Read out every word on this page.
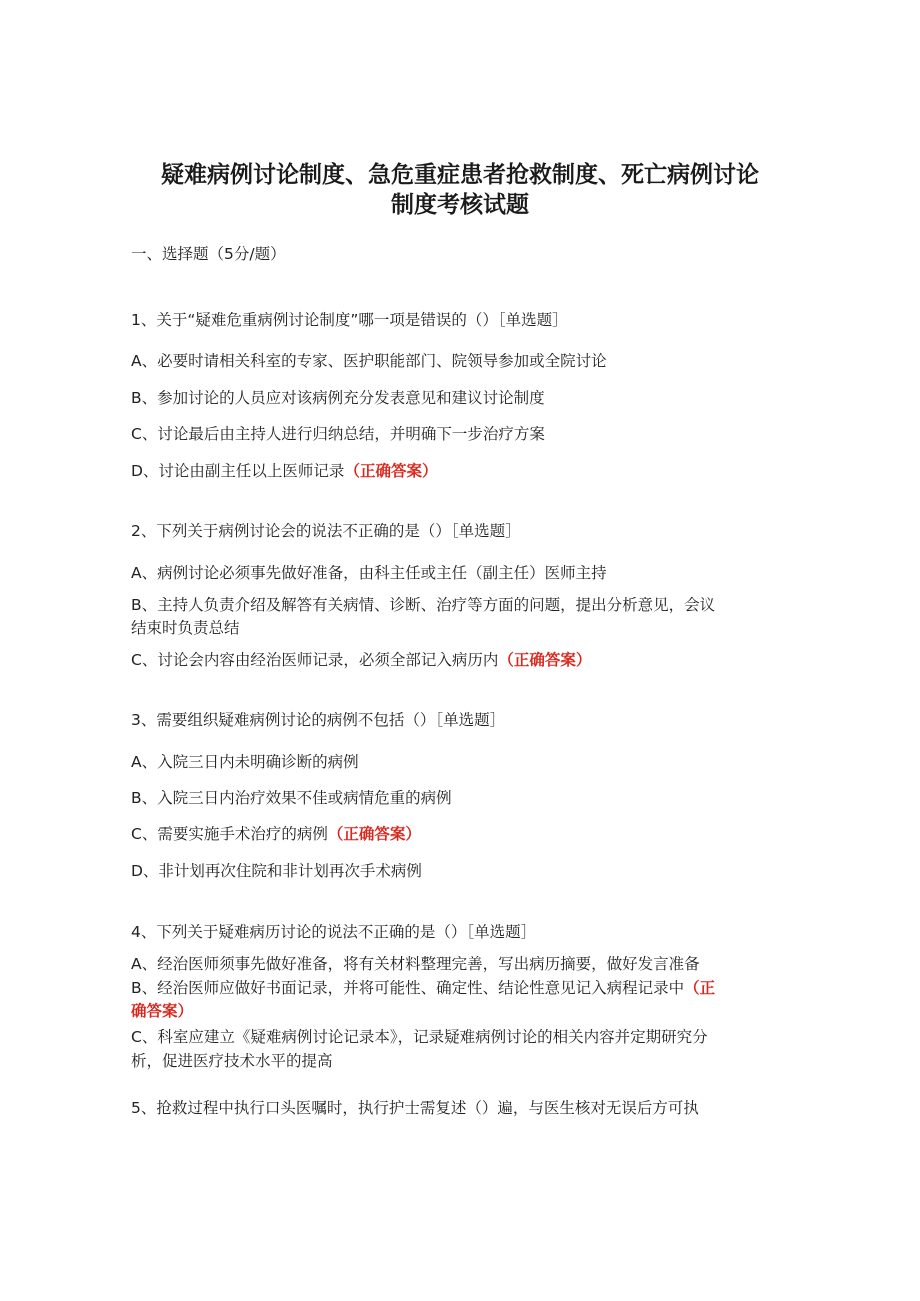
疑难病例讨论制度、急危重症患者抢救制度、死亡病例讨论
制度考核试题

一、选择题（5分/题）

1、关于“疑难危重病例讨论制度”哪一项是错误的（）［单选题］

A、必要时请相关科室的专家、医护职能部门、院领导参加或全院讨论

B、参加讨论的人员应对该病例充分发表意见和建议讨论制度

C、讨论最后由主持人进行归纳总结，并明确下一步治疗方案

D、讨论由副主任以上医师记录（正确答案）

2、下列关于病例讨论会的说法不正确的是（）［单选题］

A、病例讨论必须事先做好准备，由科主任或主任（副主任）医师主持

B、主持人负责介绍及解答有关病情、诊断、治疗等方面的问题，提出分析意见，会议

结束时负责总结

C、讨论会内容由经治医师记录，必须全部记入病历内（正确答案）

3、需要组织疑难病例讨论的病例不包括（）［单选题］

A、入院三日内未明确诊断的病例

B、入院三日内治疗效果不佳或病情危重的病例

C、需要实施手术治疗的病例（正确答案）

D、非计划再次住院和非计划再次手术病例

4、下列关于疑难病历讨论的说法不正确的是（）［单选题］

A、经治医师须事先做好准备，将有关材料整理完善，写出病历摘要，做好发言准备

B、经治医师应做好书面记录，并将可能性、确定性、结论性意见记入病程记录中（正

确答案）

C、科室应建立《疑难病例讨论记录本》，记录疑难病例讨论的相关内容并定期研究分

析，促进医疗技术水平的提高

5、抢救过程中执行口头医嘱时，执行护士需复述（）遍，与医生核对无误后方可执
